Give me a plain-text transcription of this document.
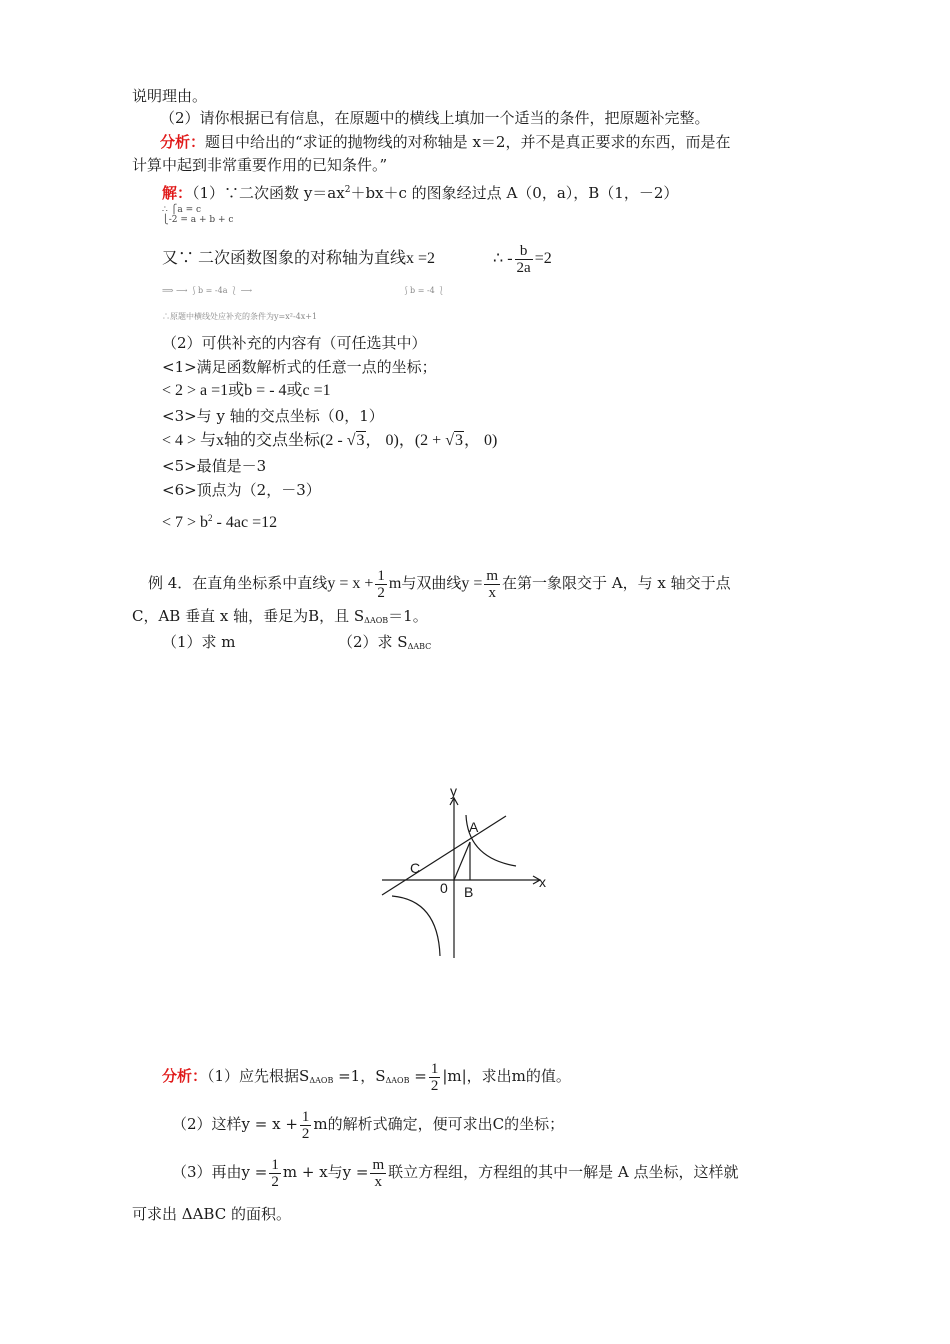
说明理由。
（2）请你根据已有信息，在原题中的横线上填加一个适当的条件，把原题补完整。
分析：题目中给出的“求证的抛物线的对称轴是 x＝2，并不是真正要求的东西，而是在
计算中起到非常重要作用的已知条件。”
解：（1）∵二次函数 $y=ax^2+bx+c$ 的图象经过点 A（0，a），B（1，－2）
∴ ⎧a = c
⎩-2 = a + b + c
又∵ 二次函数图象的对称轴为直线x =2	∴ - $\frac{b}{2a} =2$
⟹ ⟶ ⎰b = -4a ⎱ ⟶	⎰b = -4 ⎱
∴原题中横线处应补充的条件为y=x²-4x+1
（2）可供补充的内容有（可任选其中）
<1>满足函数解析式的任意一点的坐标；
< 2 > a =1或b = - 4或c =1
<3>与 y 轴的交点坐标（0，1）
< 4 > 与x轴的交点坐标(2 - √3， 0)，(2 + √3， 0)
<5>最值是－3
<6>顶点为（2，－3）
< $7 > b^2 - 4ac =12$
例 4．在直角坐标系中直线$y = x + \frac{1}{2}$ m与双曲线$y = \frac{m}{x}$ 在第一象限交于 A，与 x 轴交于点
C，AB 垂直 x 轴，垂足为B，且 $S_{\Delta AOB}=1$。
（1）求 m	（2）求 $S_{\Delta ABC}$
y
x
A
B
C
0
分析：（1）应先根据$S_{\Delta AOB} =1$，$S_{\Delta AOB} = \frac{1}{2} |m|$，求出m的值。
（2）这样$y = x + \frac{1}{2}$ m的解析式确定，便可求出C的坐标；
（3）再由$y = \frac{1}{2}$ m + x与$y = \frac{m}{x}$ 联立方程组，方程组的其中一解是 A 点坐标，这样就
可求出 ΔABC 的面积。
